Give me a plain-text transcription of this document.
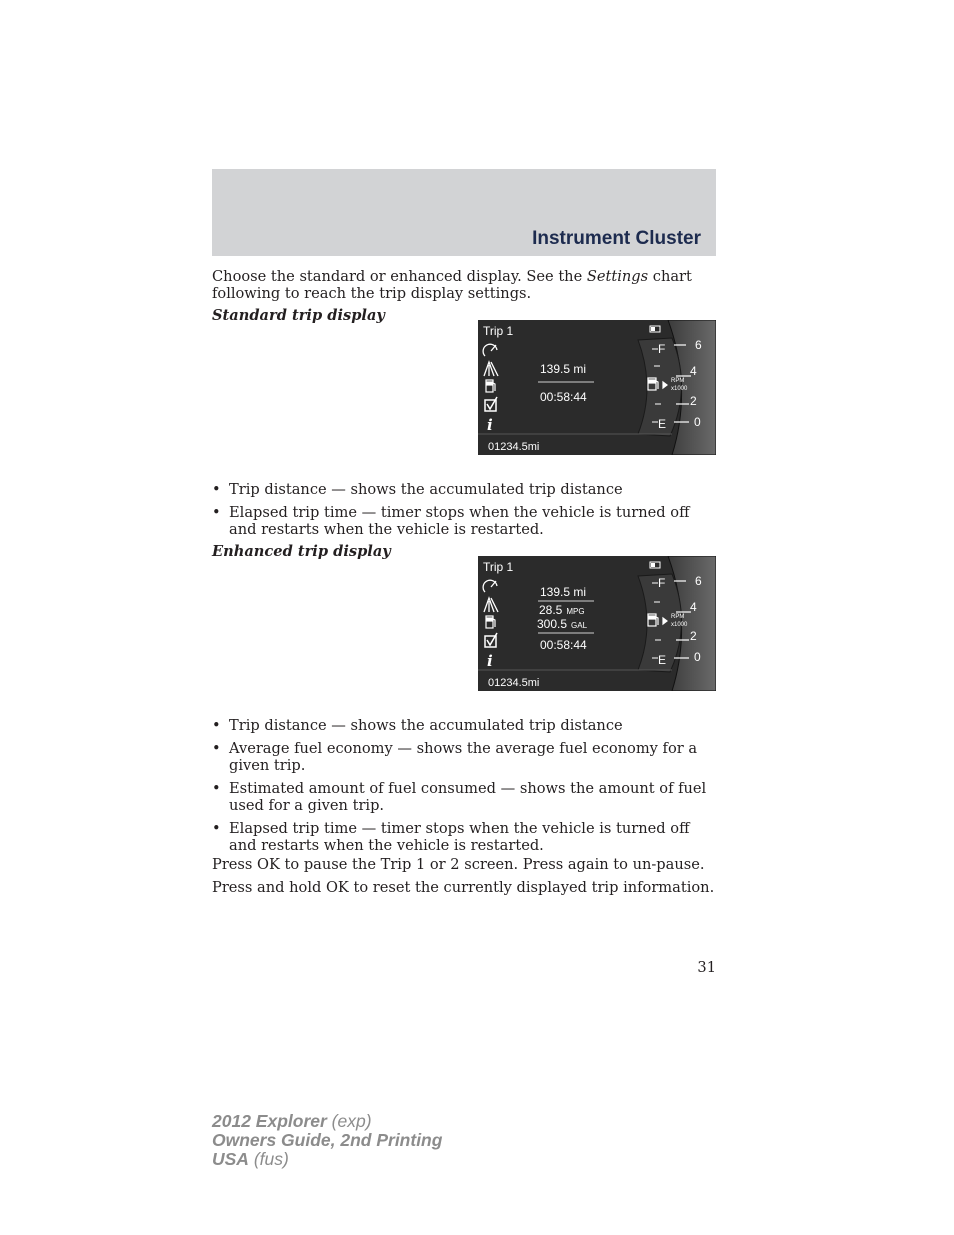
Instrument Cluster

Choose the standard or enhanced display. See the Settings chart following to reach the trip display settings.

Standard trip display

Trip 1
i
139.5 mi
00:58:44
F
E
6
4
2
0
RPM
x1000
01234.5mi
• Trip distance — shows the accumulated trip distance
• Elapsed trip time — timer stops when the vehicle is turned off and restarts when the vehicle is restarted.

Enhanced trip display

Trip 1
i
139.5 mi
28.5 MPG
300.5 GAL
00:58:44
F
E
6
4
2
0
RPM
x1000
01234.5mi
• Trip distance — shows the accumulated trip distance
• Average fuel economy — shows the average fuel economy for a given trip.
• Estimated amount of fuel consumed — shows the amount of fuel used for a given trip.
• Elapsed trip time — timer stops when the vehicle is turned off and restarts when the vehicle is restarted.

Press OK to pause the Trip 1 or 2 screen. Press again to un-pause.

Press and hold OK to reset the currently displayed trip information.

31
2012 Explorer (exp)
Owners Guide, 2nd Printing
USA (fus)
